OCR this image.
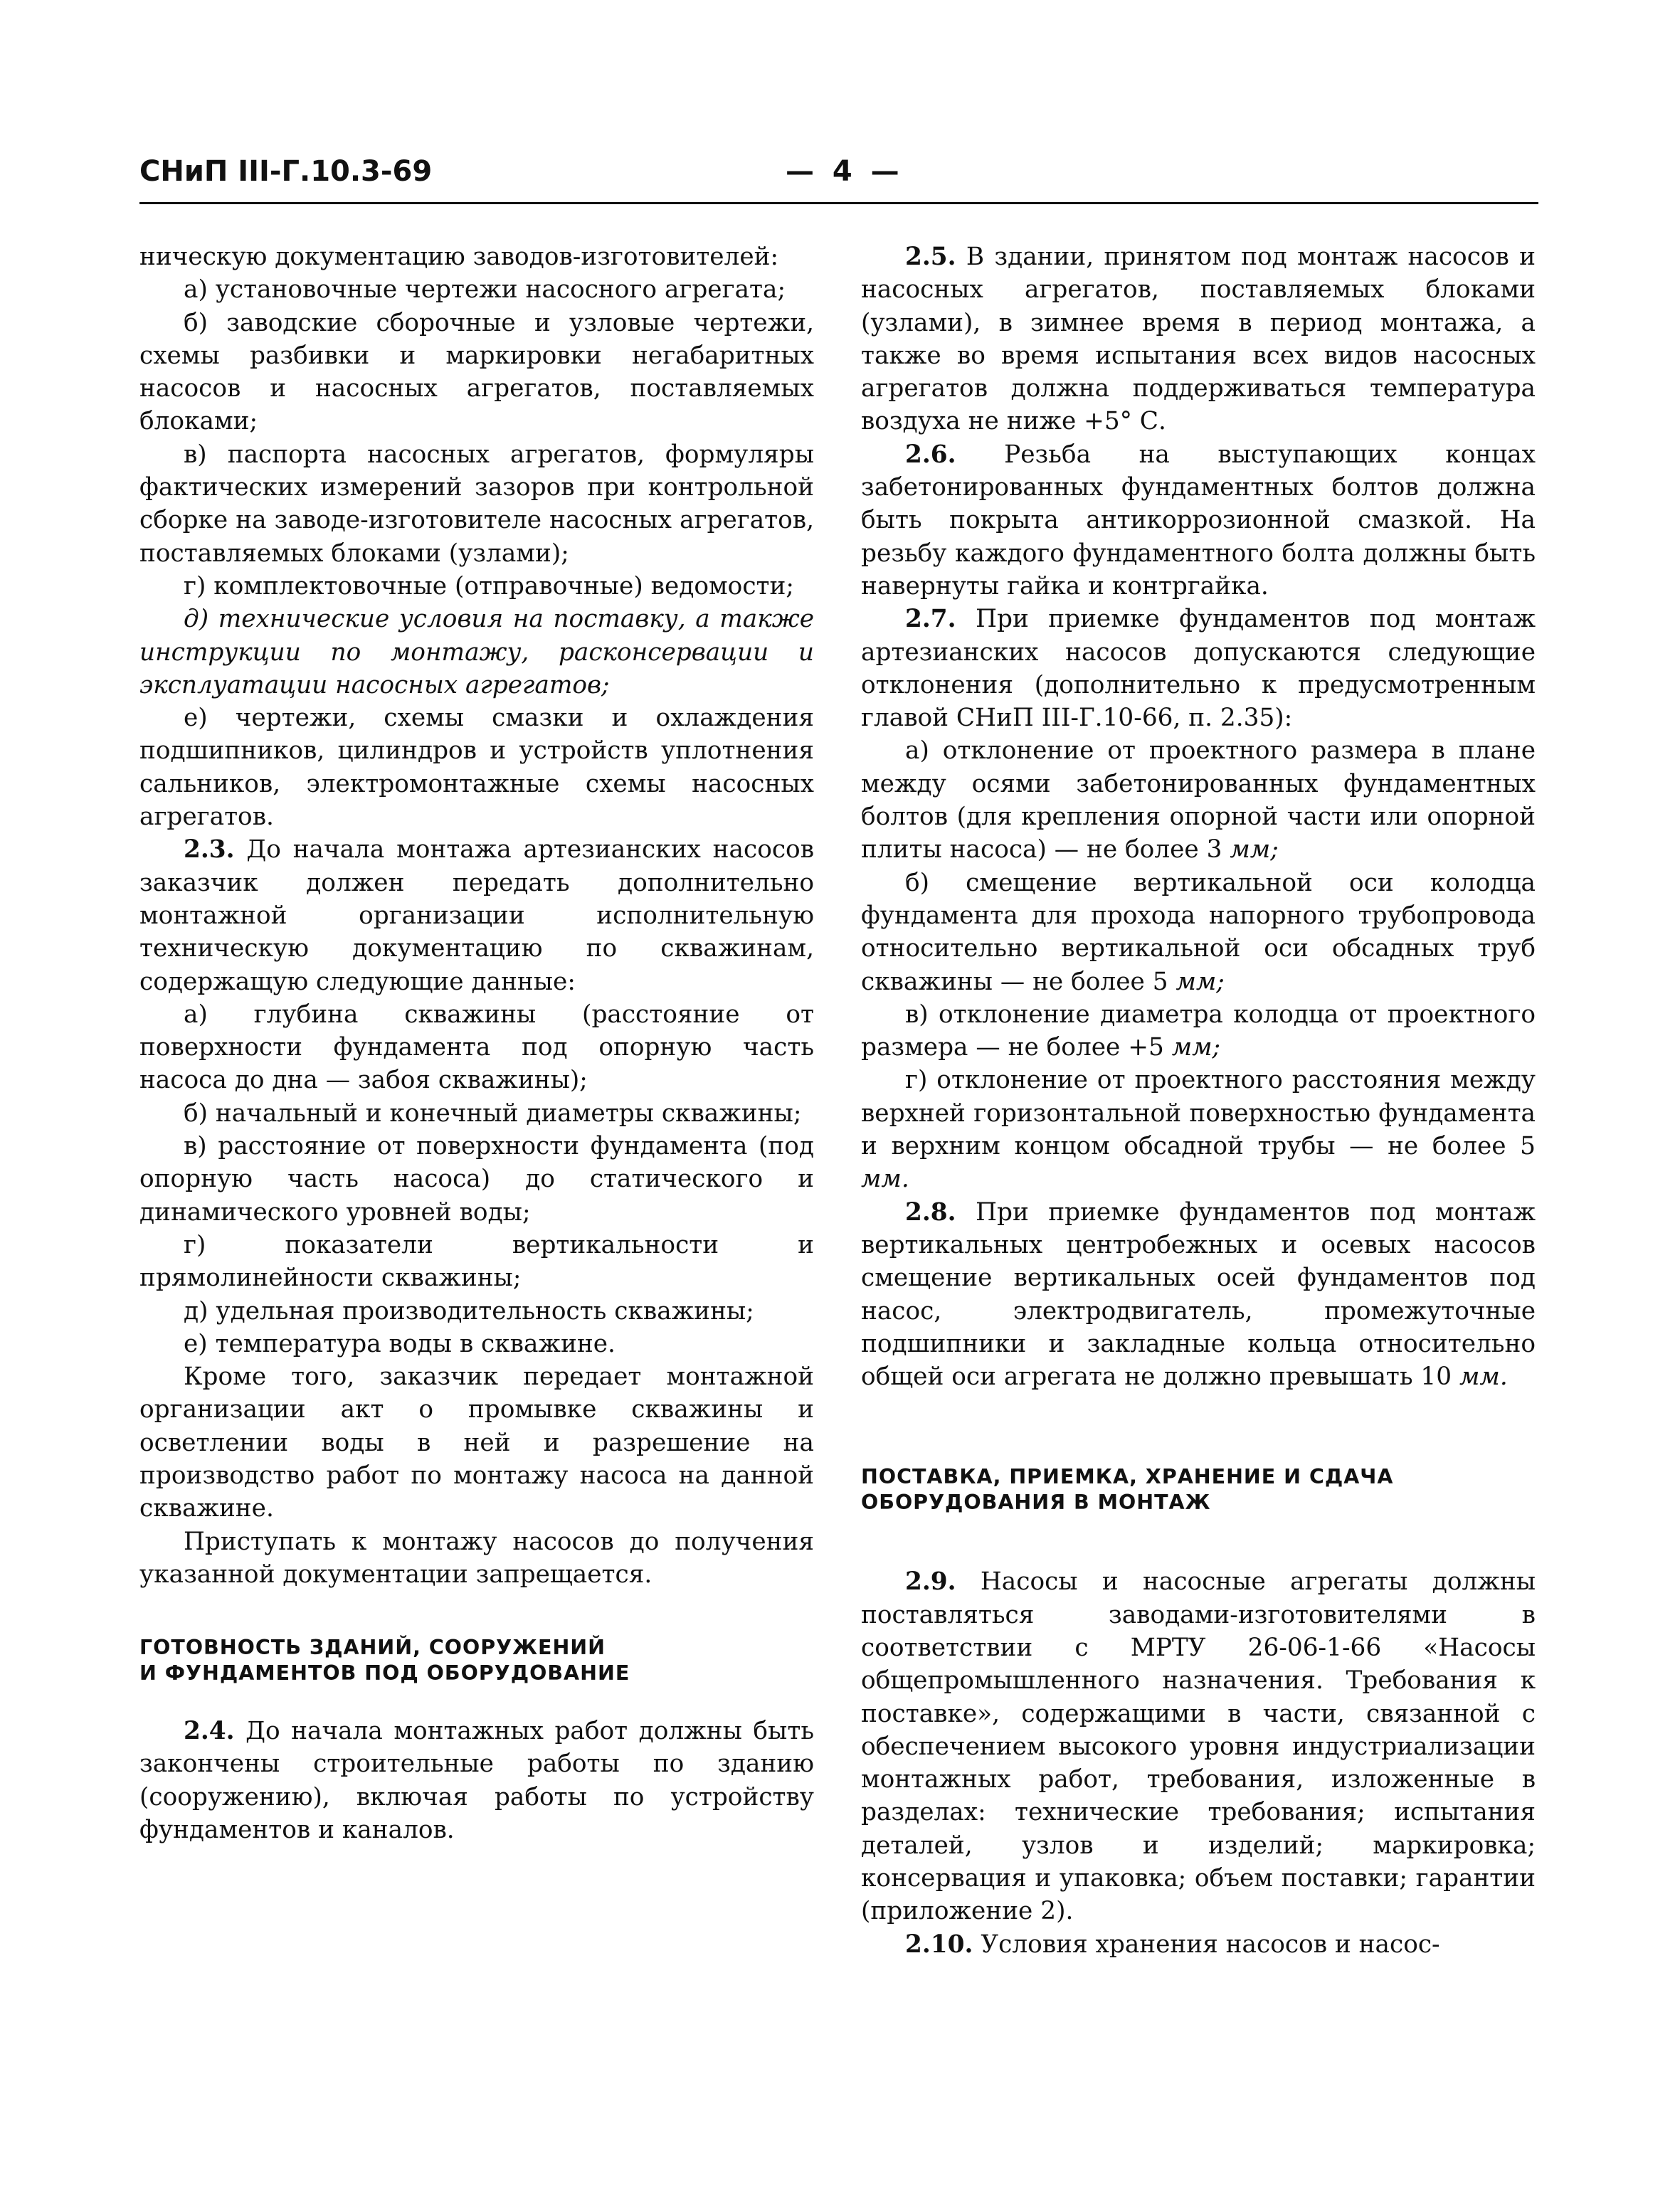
СНиП III-Г.10.3-69	— 4 —

ническую документацию заводов-изготовителей:

а) установочные чертежи насосного агрегата;

б) заводские сборочные и узловые чертежи, схемы разбивки и маркировки негабаритных насосов и насосных агрегатов, поставляемых блоками;

в) паспорта насосных агрегатов, формуляры фактических измерений зазоров при контрольной сборке на заводе-изготовителе насосных агрегатов, поставляемых блоками (узлами);

г) комплектовочные (отправочные) ведомости;

д) технические условия на поставку, а также инструкции по монтажу, расконсервации и эксплуатации насосных агрегатов;

е) чертежи, схемы смазки и охлаждения подшипников, цилиндров и устройств уплотнения сальников, электромонтажные схемы насосных агрегатов.

2.3. До начала монтажа артезианских насосов заказчик должен передать дополнительно монтажной организации исполнительную техническую документацию по скважинам, содержащую следующие данные:

а) глубина скважины (расстояние от поверхности фундамента под опорную часть насоса до дна — забоя скважины);

б) начальный и конечный диаметры скважины;

в) расстояние от поверхности фундамента (под опорную часть насоса) до статического и динамического уровней воды;

г) показатели вертикальности и прямолинейности скважины;

д) удельная производительность скважины;

е) температура воды в скважине.

Кроме того, заказчик передает монтажной организации акт о промывке скважины и осветлении воды в ней и разрешение на производство работ по монтажу насоса на данной скважине.

Приступать к монтажу насосов до получения указанной документации запрещается.

ГОТОВНОСТЬ ЗДАНИЙ, СООРУЖЕНИЙ
И ФУНДАМЕНТОВ ПОД ОБОРУДОВАНИЕ

2.4. До начала монтажных работ должны быть закончены строительные работы по зданию (сооружению), включая работы по устройству фундаментов и каналов.

2.5. В здании, принятом под монтаж насосов и насосных агрегатов, поставляемых блоками (узлами), в зимнее время в период монтажа, а также во время испытания всех видов насосных агрегатов должна поддерживаться температура воздуха не ниже +5° С.

2.6. Резьба на выступающих концах забетонированных фундаментных болтов должна быть покрыта антикоррозионной смазкой. На резьбу каждого фундаментного болта должны быть навернуты гайка и контргайка.

2.7. При приемке фундаментов под монтаж артезианских насосов допускаются следующие отклонения (дополнительно к предусмотренным главой СНиП III-Г.10-66, п. 2.35):

а) отклонение от проектного размера в плане между осями забетонированных фундаментных болтов (для крепления опорной части или опорной плиты насоса) — не более 3 мм;

б) смещение вертикальной оси колодца фундамента для прохода напорного трубопровода относительно вертикальной оси обсадных труб скважины — не более 5 мм;

в) отклонение диаметра колодца от проектного размера — не более +5 мм;

г) отклонение от проектного расстояния между верхней горизонтальной поверхностью фундамента и верхним концом обсадной трубы — не более 5 мм.

2.8. При приемке фундаментов под монтаж вертикальных центробежных и осевых насосов смещение вертикальных осей фундаментов под насос, электродвигатель, промежуточные подшипники и закладные кольца относительно общей оси агрегата не должно превышать 10 мм.

ПОСТАВКА, ПРИЕМКА, ХРАНЕНИЕ И СДАЧА
ОБОРУДОВАНИЯ В МОНТАЖ

2.9. Насосы и насосные агрегаты должны поставляться заводами-изготовителями в соответствии с МРТУ 26-06-1-66 «Насосы общепромышленного назначения. Требования к поставке», содержащими в части, связанной с обеспечением высокого уровня индустриализации монтажных работ, требования, изложенные в разделах: технические требования; испытания деталей, узлов и изделий; маркировка; консервация и упаковка; объем поставки; гарантии (приложение 2).

2.10. Условия хранения насосов и насос-
